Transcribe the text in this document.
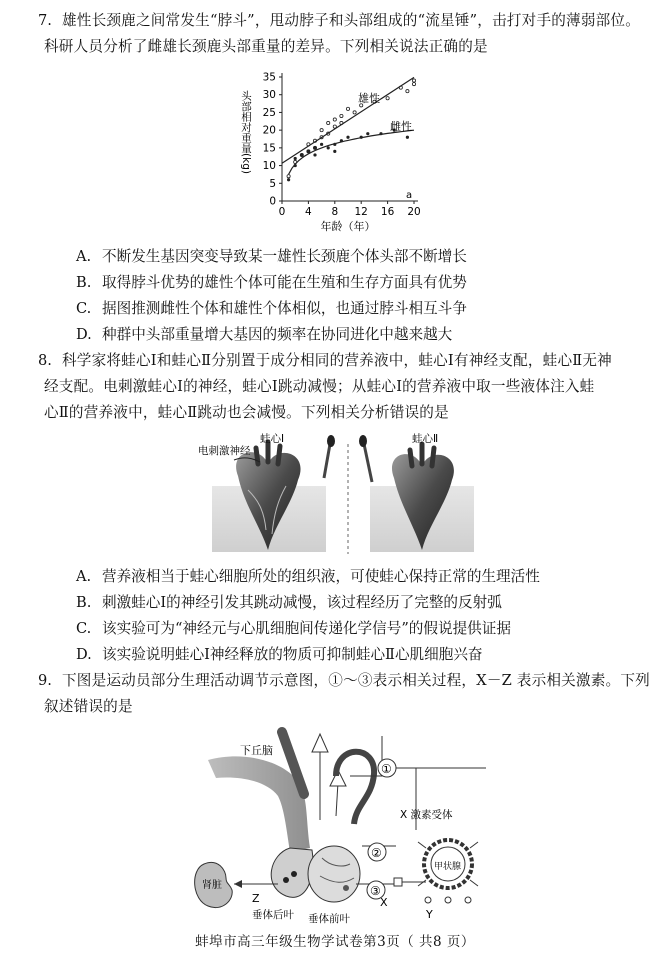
7. 雄性长颈鹿之间常发生“脖斗”，甩动脖子和头部组成的“流星锤”，击打对手的薄弱部位。
科研人员分析了雌雄长颈鹿头部重量的差异。下列相关说法正确的是
头部相对重量(kg)
0 4 8 12 16 20
0
5
10
15
20
25
30
35
雄性
雌性
a
年龄（年）
A. 不断发生基因突变导致某一雄性长颈鹿个体头部不断增长
B. 取得脖斗优势的雄性个体可能在生殖和生存方面具有优势
C. 据图推测雌性个体和雄性个体相似，也通过脖斗相互斗争
D. 种群中头部重量增大基因的频率在协同进化中越来越大
8. 科学家将蛙心Ⅰ和蛙心Ⅱ分别置于成分相同的营养液中，蛙心Ⅰ有神经支配，蛙心Ⅱ无神
经支配。电刺激蛙心Ⅰ的神经，蛙心Ⅰ跳动减慢；从蛙心Ⅰ的营养液中取一些液体注入蛙
心Ⅱ的营养液中，蛙心Ⅱ跳动也会减慢。下列相关分析错误的是
电刺激神经
蛙心Ⅰ	蛙心Ⅱ
A. 营养液相当于蛙心细胞所处的组织液，可使蛙心保持正常的生理活性
B. 刺激蛙心Ⅰ的神经引发其跳动减慢，该过程经历了完整的反射弧
C. 该实验可为“神经元与心肌细胞间传递化学信号”的假说提供证据
D. 该实验说明蛙心Ⅰ神经释放的物质可抑制蛙心Ⅱ心肌细胞兴奋
9. 下图是运动员部分生理活动调节示意图，①～③表示相关过程，X－Z 表示相关激素。下列
叙述错误的是
①
②
③
甲状腺
肾脏
下丘脑
X 激素受体
Z	X
Y
垂体后叶 垂体前叶
蚌埠市高三年级生物学试卷第3页（ 共8 页）
